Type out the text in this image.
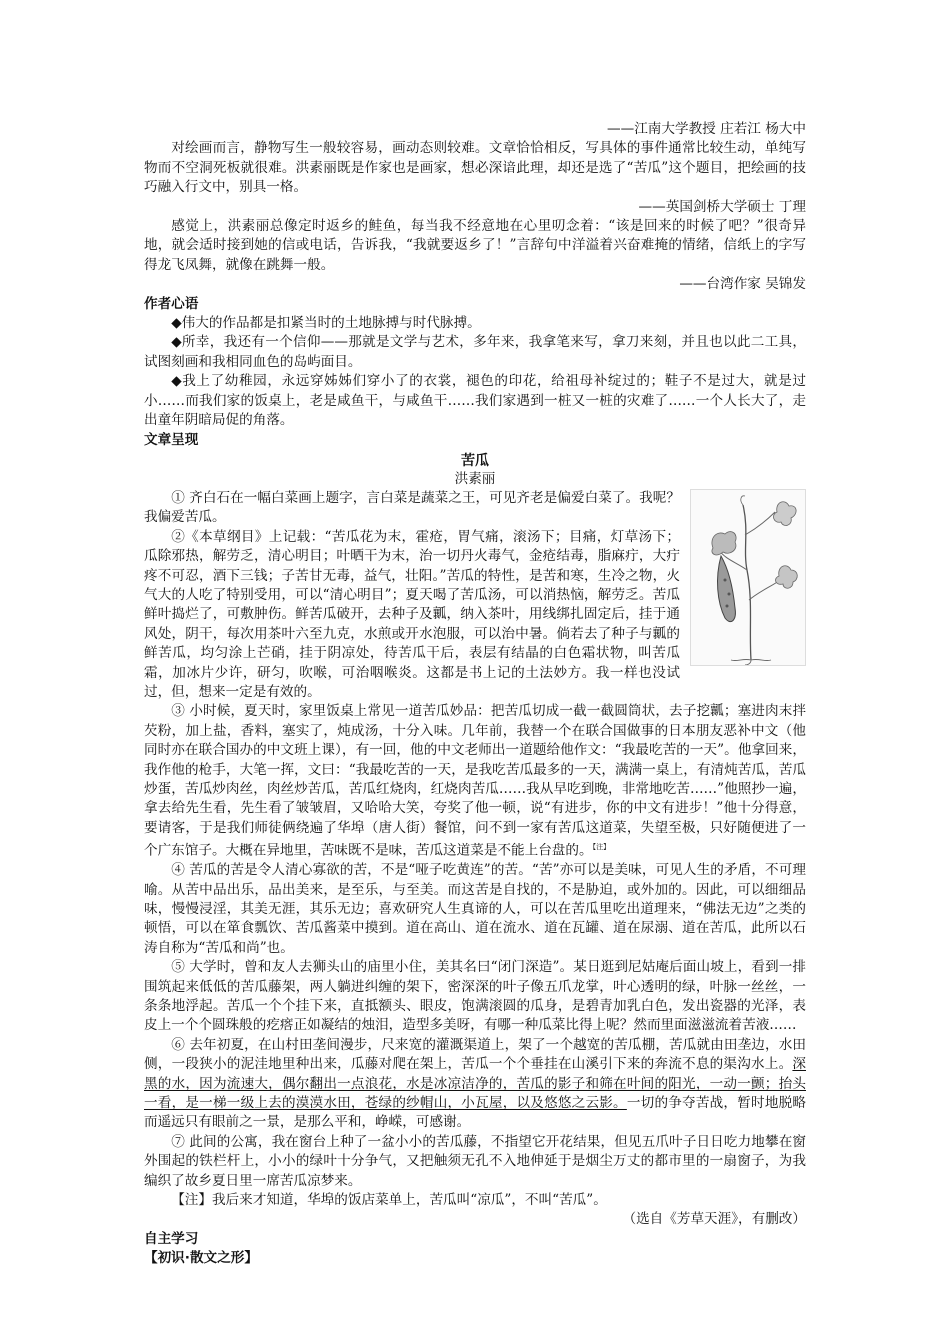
——江南大学教授 庄若江 杨大中

对绘画而言，静物写生一般较容易，画动态则较难。文章恰恰相反，写具体的事件通常比较生动，单纯写物而不空洞死板就很难。洪素丽既是作家也是画家，想必深谙此理，却还是选了“苦瓜”这个题目，把绘画的技巧融入行文中，别具一格。

——英国剑桥大学硕士 丁理

感觉上，洪素丽总像定时返乡的鲑鱼，每当我不经意地在心里叨念着：“该是回来的时候了吧？”很奇异地，就会适时接到她的信或电话，告诉我，“我就要返乡了！”言辞句中洋溢着兴奋难掩的情绪，信纸上的字写得龙飞凤舞，就像在跳舞一般。

——台湾作家 吴锦发

作者心语

◆伟大的作品都是扣紧当时的土地脉搏与时代脉搏。

◆所幸，我还有一个信仰——那就是文学与艺术，多年来，我拿笔来写，拿刀来刻，并且也以此二工具，试图刻画和我相同血色的岛屿面目。

◆我上了幼稚园，永远穿姊姊们穿小了的衣裳，褪色的印花，给祖母补绽过的；鞋子不是过大，就是过小……而我们家的饭桌上，老是咸鱼干，与咸鱼干……我们家遇到一桩又一桩的灾难了……一个人长大了，走出童年阴暗局促的角落。

文章呈现

苦瓜

洪素丽

① 齐白石在一幅白菜画上题字，言白菜是蔬菜之王，可见齐老是偏爱白菜了。我呢？我偏爱苦瓜。

②《本草纲目》上记载：“苦瓜花为末，霍疮，胃气痛，滚汤下；目痛，灯草汤下；瓜除邪热，解劳乏，清心明目；叶晒干为末，治一切丹火毒气，金疮结毒，脂麻疔，大疔疼不可忍，酒下三钱；子苦甘无毒，益气，壮阳。”苦瓜的特性，是苦和寒，生冷之物，火气大的人吃了特别受用，可以“清心明目”；夏天喝了苦瓜汤，可以消热恼，解劳乏。苦瓜鲜叶捣烂了，可敷肿伤。鲜苦瓜破开，去种子及瓤，纳入茶叶，用线绑扎固定后，挂于通风处，阴干，每次用茶叶六至九克，水煎或开水泡服，可以治中暑。倘若去了种子与瓤的鲜苦瓜，均匀涂上芒硝，挂于阴凉处，待苦瓜干后，表层有结晶的白色霜状物，叫苦瓜霜，加冰片少许，研匀，吹喉，可治咽喉炎。这都是书上记的土法妙方。我一样也没试过，但，想来一定是有效的。

③ 小时候，夏天时，家里饭桌上常见一道苦瓜妙品：把苦瓜切成一截一截圆筒状，去子挖瓤；塞进肉末拌芡粉，加上盐，香料，塞实了，炖成汤，十分入味。几年前，我替一个在联合国做事的日本朋友恶补中文（他同时亦在联合国办的中文班上课），有一回，他的中文老师出一道题给他作文：“我最吃苦的一天”。他拿回来，我作他的枪手，大笔一挥，文曰：“我最吃苦的一天，是我吃苦瓜最多的一天，满满一桌上，有清炖苦瓜，苦瓜炒蛋，苦瓜炒肉丝，肉丝炒苦瓜，苦瓜红烧肉，红烧肉苦瓜……我从早吃到晚，非常地吃苦……”他照抄一遍，拿去给先生看，先生看了皱皱眉，又哈哈大笑，夸奖了他一顿，说“有进步，你的中文有进步！”他十分得意，要请客，于是我们师徒俩绕遍了华埠（唐人街）餐馆，问不到一家有苦瓜这道菜，失望至极，只好随便进了一个广东馆子。大概在异地里，苦味既不是味，苦瓜这道菜是不能上台盘的。$^{【注】}$

④ 苦瓜的苦是令人清心寡欲的苦，不是“哑子吃黄连”的苦。“苦”亦可以是美味，可见人生的矛盾，不可理喻。从苦中品出乐，品出美来，是至乐，与至美。而这苦是自找的，不是胁迫，或外加的。因此，可以细细品味，慢慢浸淫，其美无涯，其乐无边；喜欢研究人生真谛的人，可以在苦瓜里吃出道理来，“佛法无边”之类的顿悟，可以在箪食瓢饮、苦瓜酱菜中摸到。道在高山、道在流水、道在瓦罐、道在尿溺、道在苦瓜，此所以石涛自称为“苦瓜和尚”也。

⑤ 大学时，曾和友人去狮头山的庙里小住，美其名曰“闭门深造”。某日逛到尼姑庵后面山坡上，看到一排围筑起来低低的苦瓜藤架，两人躺进纠缠的架下，密深深的叶子像五爪龙掌，叶心透明的绿，叶脉一丝丝，一条条地浮起。苦瓜一个个挂下来，直抵额头、眼皮，饱满滚圆的瓜身，是碧青加乳白色，发出瓷器的光泽，表皮上一个个圆珠般的疙瘩正如凝结的烛泪，造型多美呀，有哪一种瓜菜比得上呢？然而里面滋滋流着苦液……

⑥ 去年初夏，在山村田垄间漫步，尺来宽的灌溉渠道上，架了一个越宽的苦瓜棚，苦瓜就由田垄边，水田侧，一段狭小的泥洼地里种出来，瓜藤对爬在架上，苦瓜一个个垂挂在山溪引下来的奔流不息的渠沟水上。深黑的水，因为流速大，偶尔翻出一点浪花，水是冰凉洁净的，苦瓜的影子和筛在叶间的阳光，一动一颤；抬头一看，是一梯一级上去的漠漠水田，苍绿的纱帽山，小瓦屋，以及悠悠之云影。一切的争夺苦战，暂时地脱略而遥远只有眼前之一景，是那么平和，峥嵘，可感谢。

⑦ 此间的公寓，我在窗台上种了一盆小小的苦瓜藤，不指望它开花结果，但见五爪叶子日日吃力地攀在窗外围起的铁栏杆上，小小的绿叶十分争气，又把触须无孔不入地伸延于是烟尘万丈的都市里的一扇窗子，为我编织了故乡夏日里一席苦瓜凉梦来。

【注】我后来才知道，华埠的饭店菜单上，苦瓜叫“凉瓜”，不叫“苦瓜”。

（选自《芳草天涯》，有删改）

自主学习

【初识·散文之形】
